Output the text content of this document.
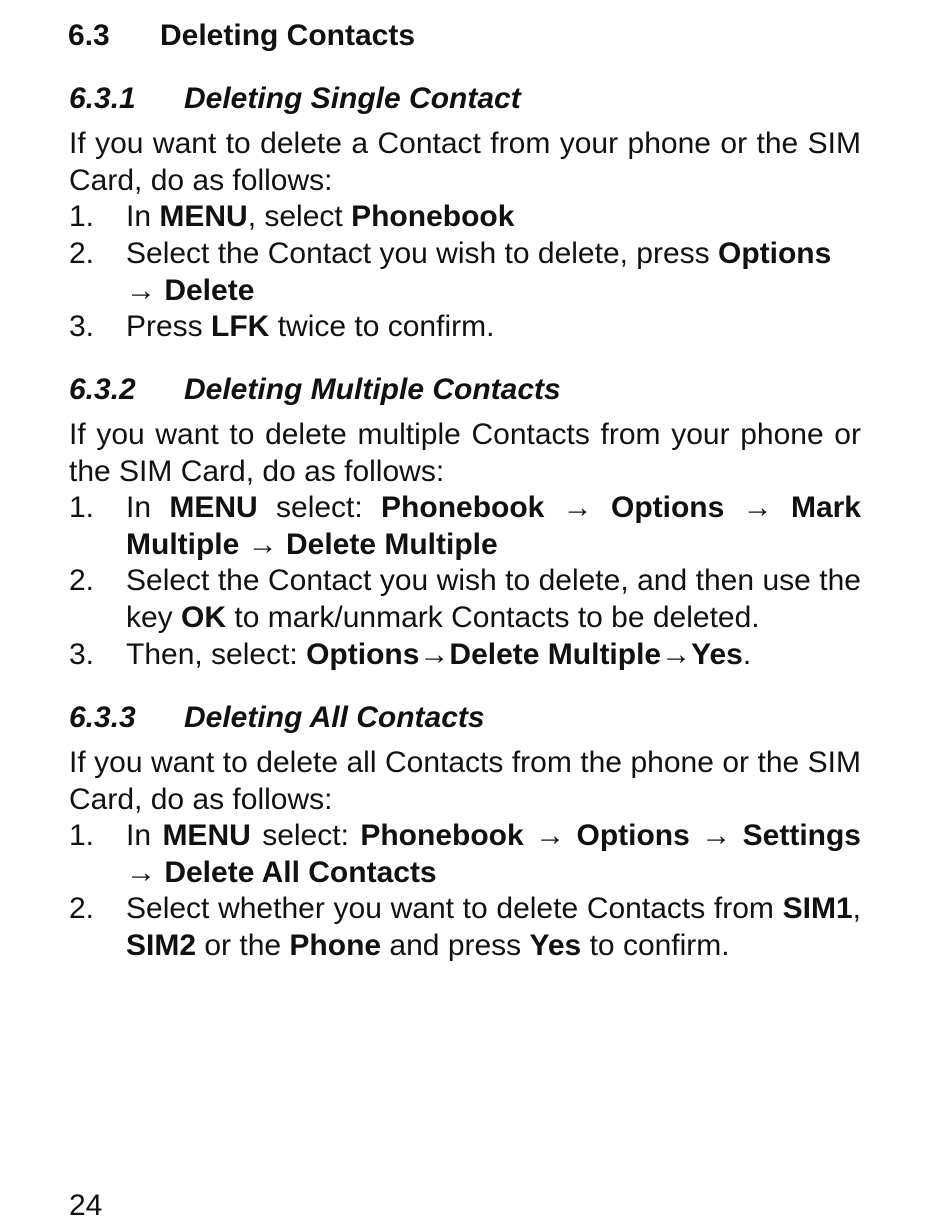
6.3 Deleting Contacts
6.3.1 Deleting Single Contact
If you want to delete a Contact from your phone or the SIM Card, do as follows:
1. In MENU, select Phonebook
2. Select the Contact you wish to delete, press Options → Delete
3. Press LFK twice to confirm.
6.3.2 Deleting Multiple Contacts
If you want to delete multiple Contacts from your phone or the SIM Card, do as follows:
1. In MENU select: Phonebook → Options → Mark Multiple → Delete Multiple
2. Select the Contact you wish to delete, and then use the key OK to mark/unmark Contacts to be deleted.
3. Then, select: Options→Delete Multiple→Yes.
6.3.3 Deleting All Contacts
If you want to delete all Contacts from the phone or the SIM Card, do as follows:
1. In MENU select: Phonebook → Options → Settings → Delete All Contacts
2. Select whether you want to delete Contacts from SIM1, SIM2 or the Phone and press Yes to confirm.
24
